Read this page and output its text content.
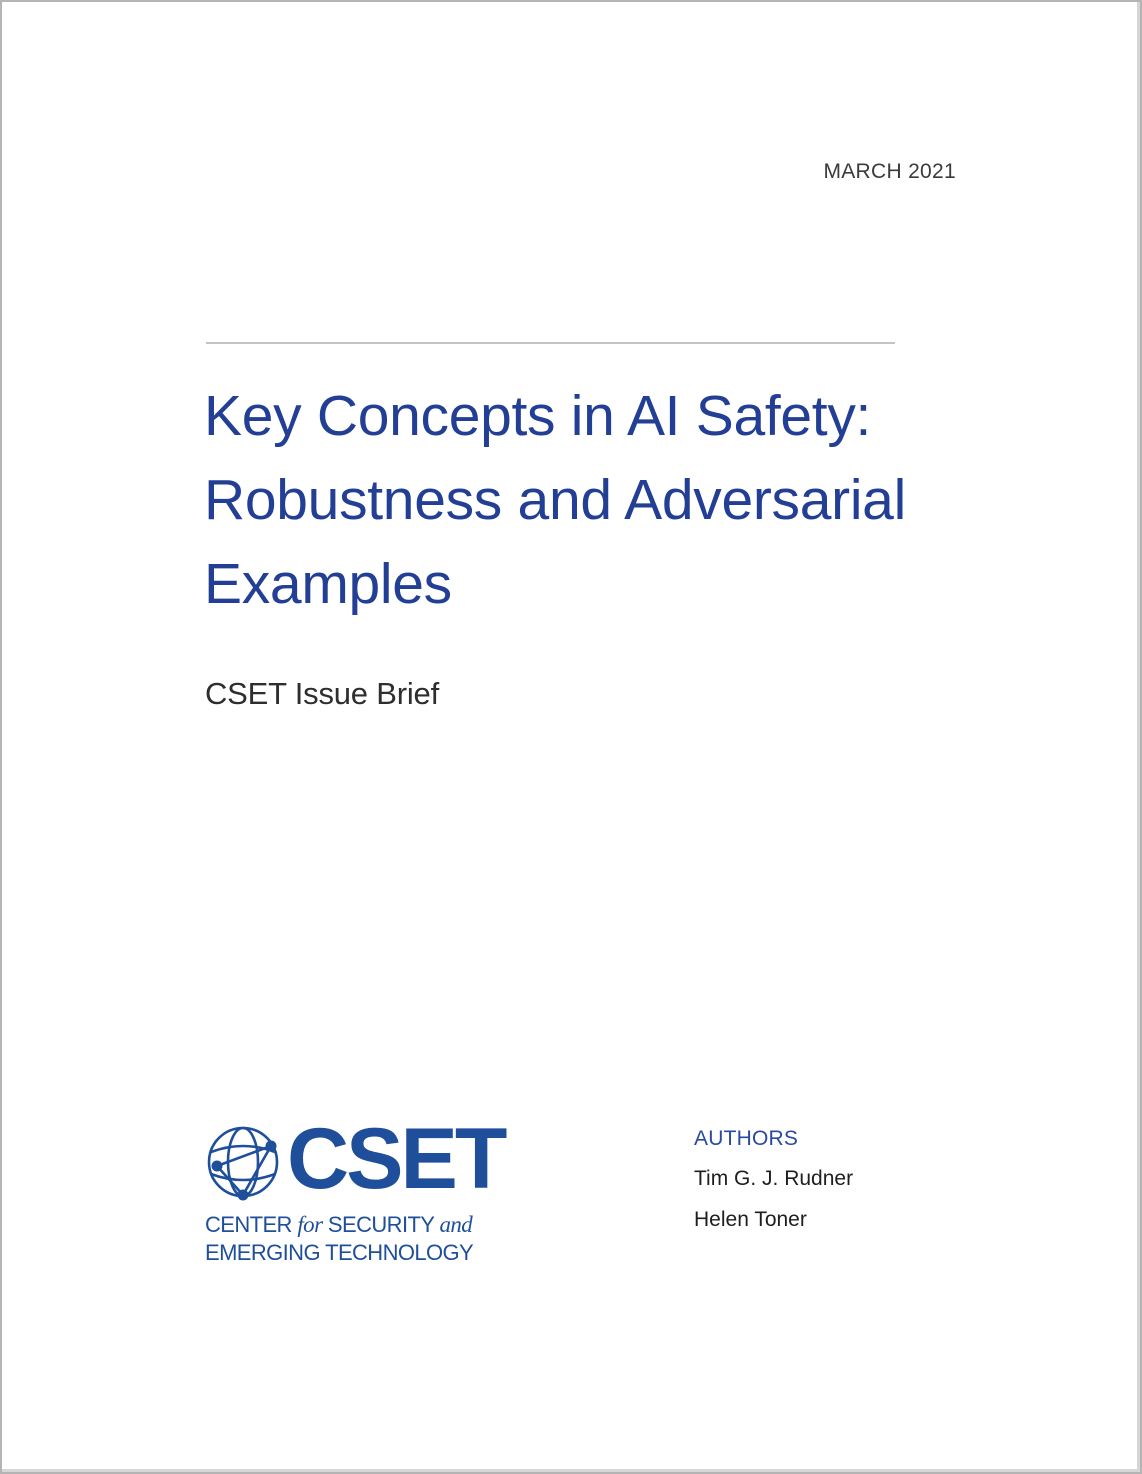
MARCH 2021
Key Concepts in AI Safety:
Robustness and Adversarial
Examples
CSET Issue Brief
CSET
CENTER for SECURITY and
EMERGING TECHNOLOGY
AUTHORS
Tim G. J. Rudner
Helen Toner
